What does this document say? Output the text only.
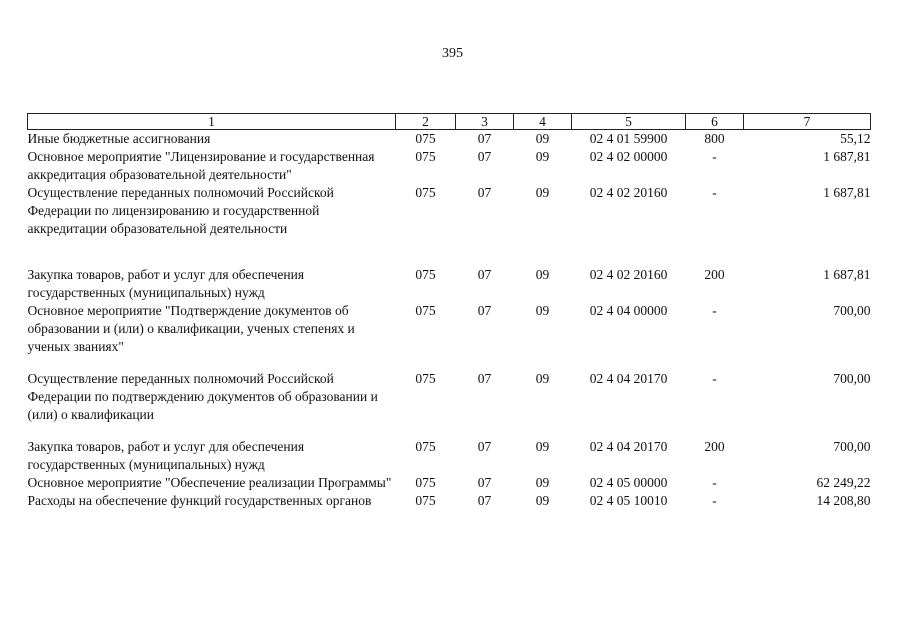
395
1	2	3	4	5	6	7
Иные бюджетные ассигнования	075	07	09	02 4 01 59900	800	55,12
Основное мероприятие "Лицензирование и государственная аккредитация образовательной деятельности"	075	07	09	02 4 02 00000	-	1 687,81
Осуществление переданных полномочий Российской Федерации по лицензированию и государственной аккредитации образовательной деятельности	075	07	09	02 4 02 20160	-	1 687,81
Закупка товаров, работ и услуг для обеспечения государственных (муниципальных) нужд	075	07	09	02 4 02 20160	200	1 687,81
Основное мероприятие "Подтверждение документов об образовании и (или) о квалификации, ученых степенях и ученых званиях"	075	07	09	02 4 04 00000	-	700,00
Осуществление переданных полномочий Российской Федерации по подтверждению документов об образовании и (или) о квалификации	075	07	09	02 4 04 20170	-	700,00
Закупка товаров, работ и услуг для обеспечения государственных (муниципальных) нужд	075	07	09	02 4 04 20170	200	700,00
Основное мероприятие "Обеспечение реализации Программы"	075	07	09	02 4 05 00000	-	62 249,22
Расходы на обеспечение функций государственных органов	075	07	09	02 4 05 10010	-	14 208,80
